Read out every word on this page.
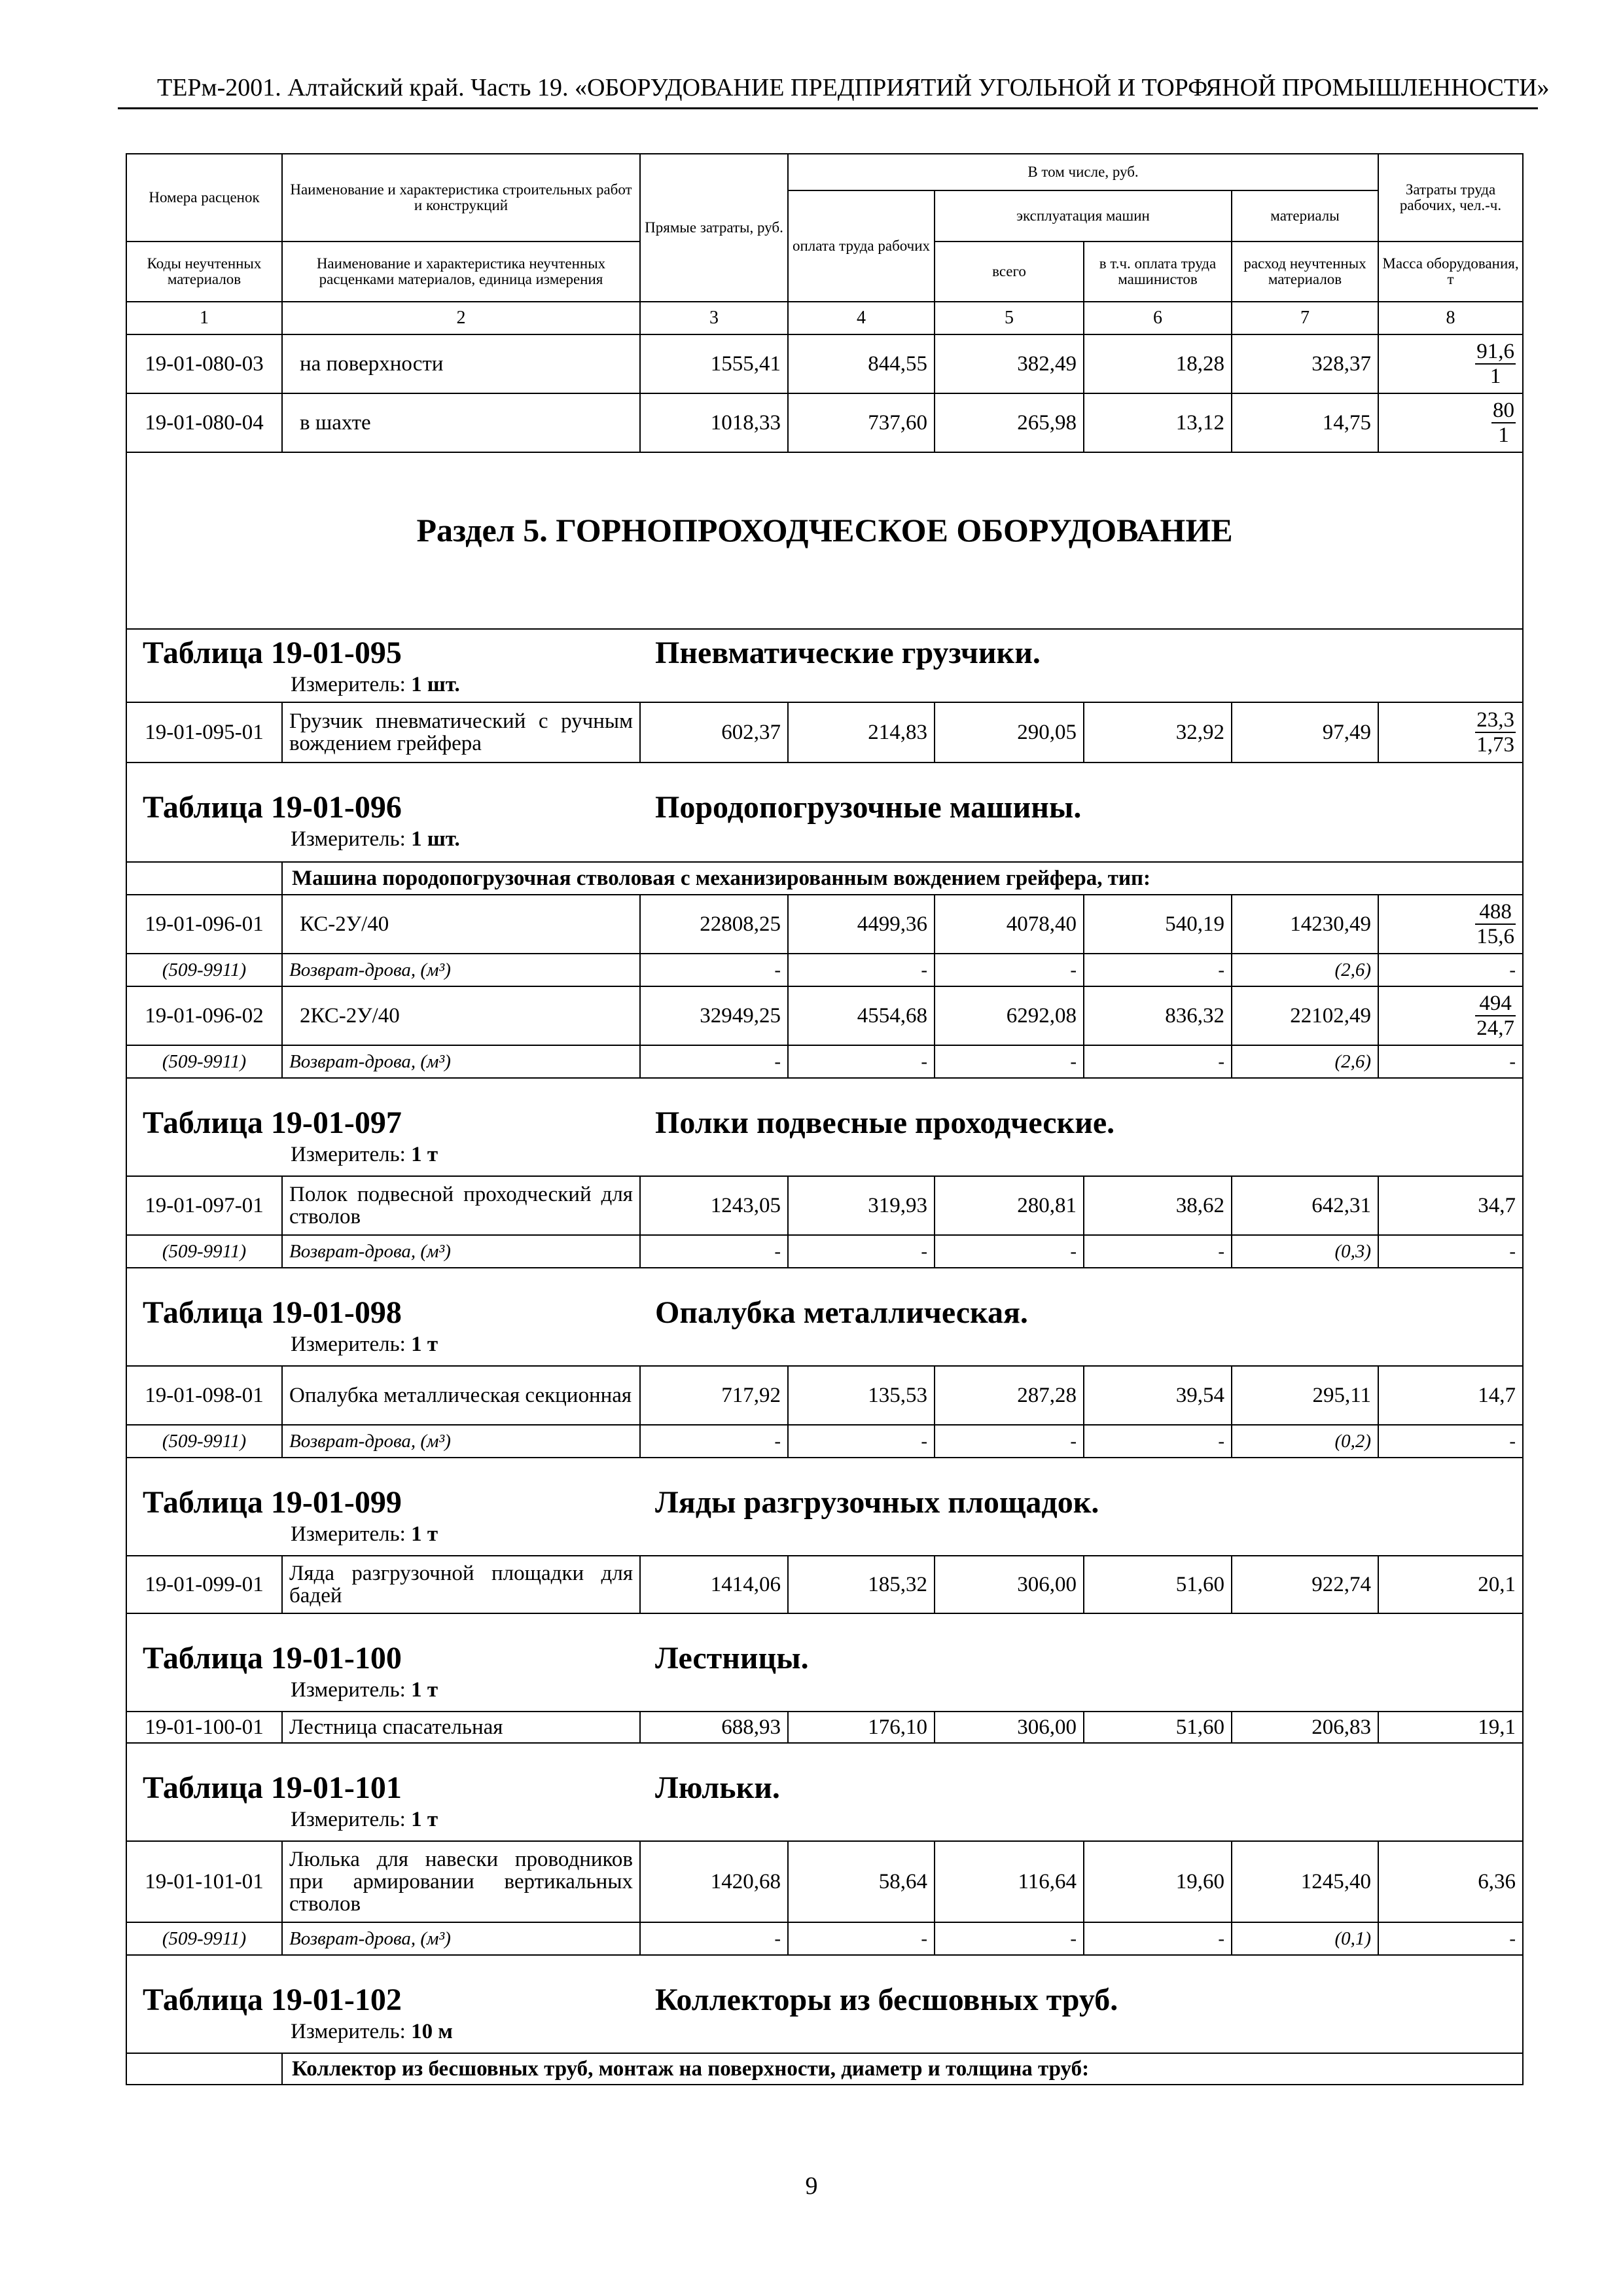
ТЕРм-2001. Алтайский край. Часть 19. «ОБОРУДОВАНИЕ ПРЕДПРИЯТИЙ УГОЛЬНОЙ И ТОРФЯНОЙ ПРОМЫШЛЕННОСТИ»
Номера расценок	Наименование и характеристика строительных работ и конструкций	Прямые затраты, руб.	В том числе, руб.				Затраты труда рабочих, чел.-ч.
			оплата труда рабочих	эксплуатация машин		материалы	
Коды неучтенных материалов	Наименование и характеристика неучтенных расценками материалов, единица измерения			всего	в т.ч. оплата труда машинистов	расход неучтенных материалов	Масса оборудования, т
1	2	3	4	5	6	7	8
19-01-080-03	на поверхности	1555,41	844,55	382,49	18,28	328,37	$\frac{91,6}{1}$

19-01-080-04	в шахте	1018,33	737,60	265,98	13,12	14,75	$\frac{80}{1}$

Раздел 5. ГОРНОПРОХОДЧЕСКОЕ ОБОРУДОВАНИЕ							

Таблица 19-01-095 Пневматические грузчики.
Измеритель: 1 шт.							

19-01-095-01	Грузчик пневматический с ручным вождением грейфера	602,37	214,83	290,05	32,92	97,49	$\frac{23,3}{1,73}$

Таблица 19-01-096 Породопогрузочные машины.
Измеритель: 1 шт.							

	Машина породопогрузочная стволовая с механизированным вождением грейфера, тип:						
19-01-096-01	КС-2У/40	22808,25	4499,36	4078,40	540,19	14230,49	$\frac{488}{15,6}$

(509-9911)	Возврат-дрова, (м³)	-	-	-	-	(2,6)	-
19-01-096-02	2КС-2У/40	32949,25	4554,68	6292,08	836,32	22102,49	$\frac{494}{24,7}$

(509-9911)	Возврат-дрова, (м³)	-	-	-	-	(2,6)	-

Таблица 19-01-097 Полки подвесные проходческие.
Измеритель: 1 т							

19-01-097-01	Полок подвесной проходческий для стволов	1243,05	319,93	280,81	38,62	642,31	34,7
(509-9911)	Возврат-дрова, (м³)	-	-	-	-	(0,3)	-

Таблица 19-01-098 Опалубка металлическая.
Измеритель: 1 т							

19-01-098-01	Опалубка металлическая секционная	717,92	135,53	287,28	39,54	295,11	14,7
(509-9911)	Возврат-дрова, (м³)	-	-	-	-	(0,2)	-

Таблица 19-01-099 Ляды разгрузочных площадок.
Измеритель: 1 т							

19-01-099-01	Ляда разгрузочной площадки для бадей	1414,06	185,32	306,00	51,60	922,74	20,1

Таблица 19-01-100 Лестницы.
Измеритель: 1 т							

19-01-100-01	Лестница спасательная	688,93	176,10	306,00	51,60	206,83	19,1

Таблица 19-01-101 Люльки.
Измеритель: 1 т							

19-01-101-01	Люлька для навески проводников при армировании вертикальных стволов	1420,68	58,64	116,64	19,60	1245,40	6,36
(509-9911)	Возврат-дрова, (м³)	-	-	-	-	(0,1)	-

Таблица 19-01-102 Коллекторы из бесшовных труб.
Измеритель: 10 м							

	Коллектор из бесшовных труб, монтаж на поверхности, диаметр и толщина труб:						
9
